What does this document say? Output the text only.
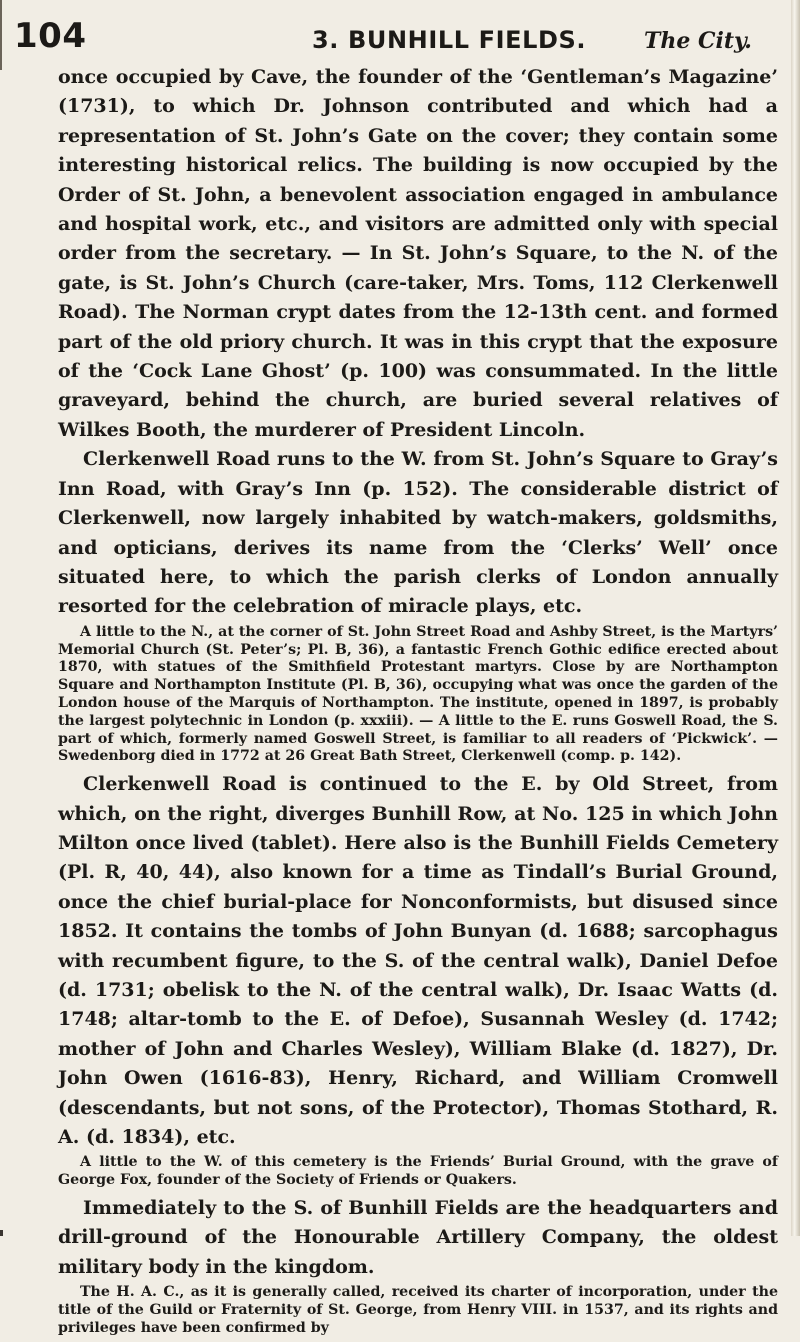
104	3. BUNHILL FIELDS.	The City.

once occupied by Cave, the founder of the ‘Gentleman’s Magazine’ (1731), to which Dr. Johnson contributed and which had a representation of St. John’s Gate on the cover; they contain some interesting historical relics. The building is now occupied by the Order of St. John, a benevolent association engaged in ambulance and hospital work, etc., and visitors are admitted only with special order from the secretary. — In St. John’s Square, to the N. of the gate, is St. John’s Church (care-taker, Mrs. Toms, 112 Clerkenwell Road). The Norman crypt dates from the 12-13th cent. and formed part of the old priory church. It was in this crypt that the exposure of the ‘Cock Lane Ghost’ (p. 100) was consummated. In the little graveyard, behind the church, are buried several relatives of Wilkes Booth, the murderer of President Lincoln.

Clerkenwell Road runs to the W. from St. John’s Square to Gray’s Inn Road, with Gray’s Inn (p. 152). The considerable district of Clerkenwell, now largely inhabited by watch-makers, goldsmiths, and opticians, derives its name from the ‘Clerks’ Well’ once situated here, to which the parish clerks of London annually resorted for the celebration of miracle plays, etc.

A little to the N., at the corner of St. John Street Road and Ashby Street, is the Martyrs’ Memorial Church (St. Peter’s; Pl. B, 36), a fantastic French Gothic edifice erected about 1870, with statues of the Smithfield Protestant martyrs. Close by are Northampton Square and Northampton Institute (Pl. B, 36), occupying what was once the garden of the London house of the Marquis of Northampton. The institute, opened in 1897, is probably the largest polytechnic in London (p. xxxiii). — A little to the E. runs Goswell Road, the S. part of which, formerly named Goswell Street, is familiar to all readers of ‘Pickwick’. — Swedenborg died in 1772 at 26 Great Bath Street, Clerkenwell (comp. p. 142).

Clerkenwell Road is continued to the E. by Old Street, from which, on the right, diverges Bunhill Row, at No. 125 in which John Milton once lived (tablet). Here also is the Bunhill Fields Cemetery (Pl. R, 40, 44), also known for a time as Tindall’s Burial Ground, once the chief burial-place for Nonconformists, but disused since 1852. It contains the tombs of John Bunyan (d. 1688; sarcophagus with recumbent figure, to the S. of the central walk), Daniel Defoe (d. 1731; obelisk to the N. of the central walk), Dr. Isaac Watts (d. 1748; altar-tomb to the E. of Defoe), Susannah Wesley (d. 1742; mother of John and Charles Wesley), William Blake (d. 1827), Dr. John Owen (1616-83), Henry, Richard, and William Cromwell (descendants, but not sons, of the Protector), Thomas Stothard, R. A. (d. 1834), etc.

A little to the W. of this cemetery is the Friends’ Burial Ground, with the grave of George Fox, founder of the Society of Friends or Quakers.

Immediately to the S. of Bunhill Fields are the headquarters and drill-ground of the Honourable Artillery Company, the oldest military body in the kingdom.

The H. A. C., as it is generally called, received its charter of incorporation, under the title of the Guild or Fraternity of St. George, from Henry VIII. in 1537, and its rights and privileges have been confirmed by
